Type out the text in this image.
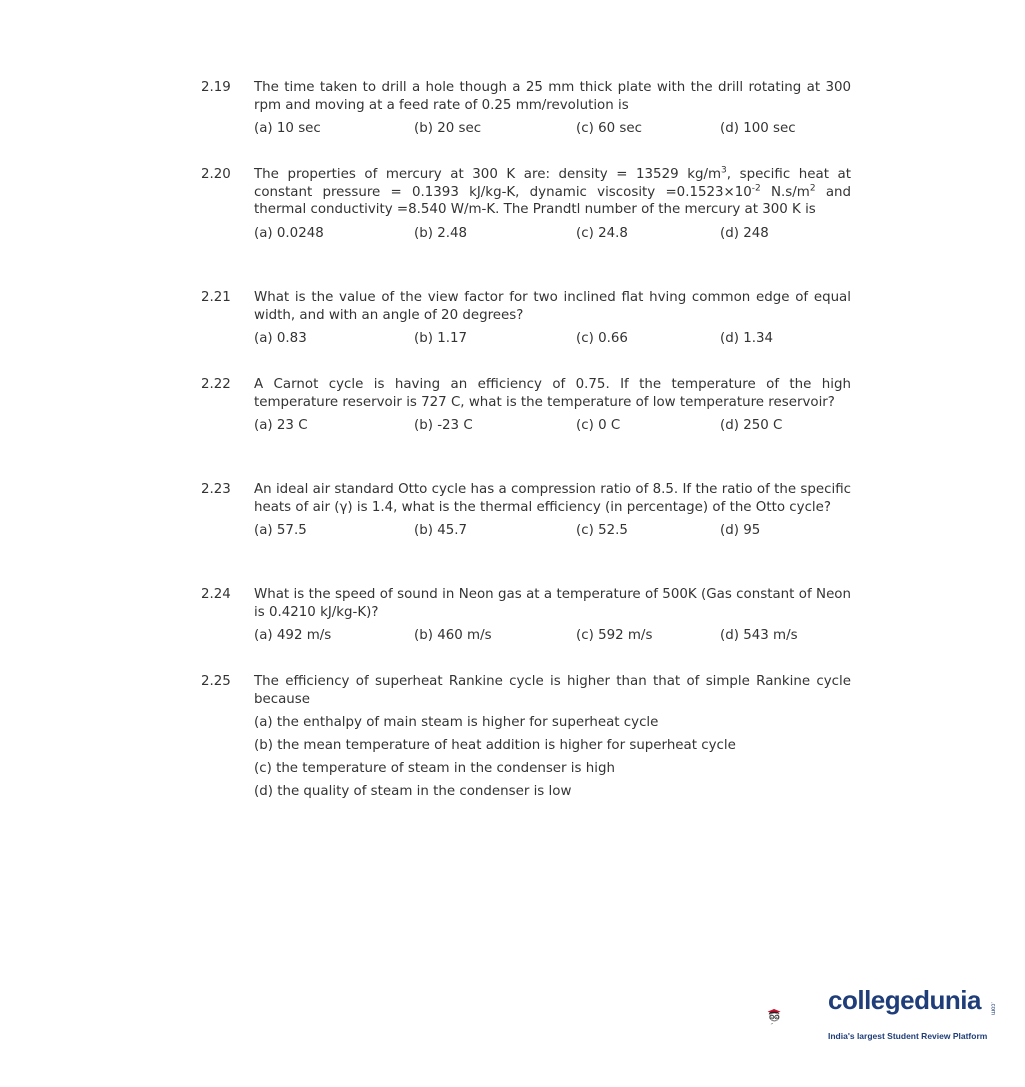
2.19	The time taken to drill a hole though a 25 mm thick plate with the drill rotating at 300 rpm and moving at a feed rate of 0.25 mm/revolution is
(a) 10 sec	(b) 20 sec	(c) 60 sec	(d) 100 sec
2.20	The properties of mercury at 300 K are: density = 13529 $kg/m^3$, specific heat at constant pressure = 0.1393 kJ/kg-K, dynamic viscosity $=0.1523\times 10^{-2}$ $N.s/m^2$ and thermal conductivity =8.540 W/m-K. The Prandtl number of the mercury at 300 K is
(a) 0.0248	(b) 2.48	(c) 24.8	(d) 248
2.21	What is the value of the view factor for two inclined flat hving common edge of equal width, and with an angle of 20 degrees?
(a) 0.83	(b) 1.17	(c) 0.66	(d) 1.34
2.22	A Carnot cycle is having an efficiency of 0.75. If the temperature of the high temperature reservoir is 727 C, what is the temperature of low temperature reservoir?
(a) 23 C	(b) -23 C	(c) 0 C	(d) 250 C
2.23	An ideal air standard Otto cycle has a compression ratio of 8.5. If the ratio of the specific heats of air (γ) is 1.4, what is the thermal efficiency (in percentage) of the Otto cycle?
(a) 57.5	(b) 45.7	(c) 52.5	(d) 95
2.24	What is the speed of sound in Neon gas at a temperature of 500K (Gas constant of Neon is 0.4210 kJ/kg-K)?
(a) 492 m/s	(b) 460 m/s	(c) 592 m/s	(d) 543 m/s
2.25	The efficiency of superheat Rankine cycle is higher than that of simple Rankine cycle because
(a) the enthalpy of main steam is higher for superheat cycle
(b) the mean temperature of heat addition is higher for superheat cycle
(c) the temperature of steam in the condenser is high
(d) the quality of steam in the condenser is low
collegedunia	.com
India's largest Student Review Platform
